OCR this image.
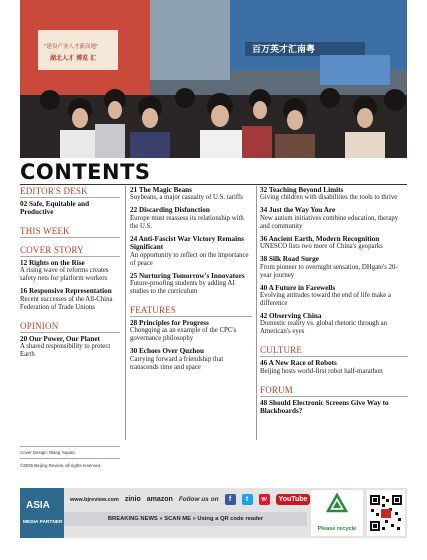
"建设产业人才新高地"
湖北人才 博览 汇
百万英才汇南粤
CONTENTS
EDITOR'S DESK
02 Safe, Equitable and Productive
THIS WEEK
COVER STORY
12 Rights on the Rise
A rising wave of reforms creates safety nets for platform workers
16 Responsive Representation
Recent successes of the All-China Federation of Trade Unions
OPINION
20 Our Power, Our Planet
A shared responsibility to protect Earth
21 The Magic Beans
Soybeans, a major casualty of U.S. tariffs
22 Discarding Disfunction
Europe must reassess its relationship with the U.S.
24 Anti-Fascist War Victory Remains Significant
An opportunity to reflect on the importance of peace
25 Nurturing Tomorrow's Innovators
Future-proofing students by adding AI studies to the curriculum
FEATURES
28 Principles for Progress
Chongqing as an example of the CPC's governance philosophy
30 Echoes Over Quzhou
Carrying forward a friendship that transcends time and space
32 Teaching Beyond Limits
Giving children with disabilities the tools to thrive
34 Just the Way You Are
New autism initiatives combine education, therapy and community
36 Ancient Earth, Modern Recognition
UNESCO lists two more of China's geoparks
38 Silk Road Surge
From pioneer to overnight sensation, DHgate's 20-year journey
40 A Future in Farewells
Evolving attitudes toward the end of life make a difference
42 Observing China
Domestic reality vs. global rhetoric through an American's eyes
CULTURE
46 A New Race of Robots
Beijing hosts world-first robot half-marathon
FORUM
48 Should Electronic Screens Give Way to Blackboards?
Cover Design: Wang Yajuan
©2025 Beijing Review, all rights reserved.
ASIA
MEDIA PARTNER
www.bjreview.com zinio amazon Follow us on	f	t	w	YouTube
BREAKING NEWS » SCAN ME » Using a QR code reader
Please recycle
